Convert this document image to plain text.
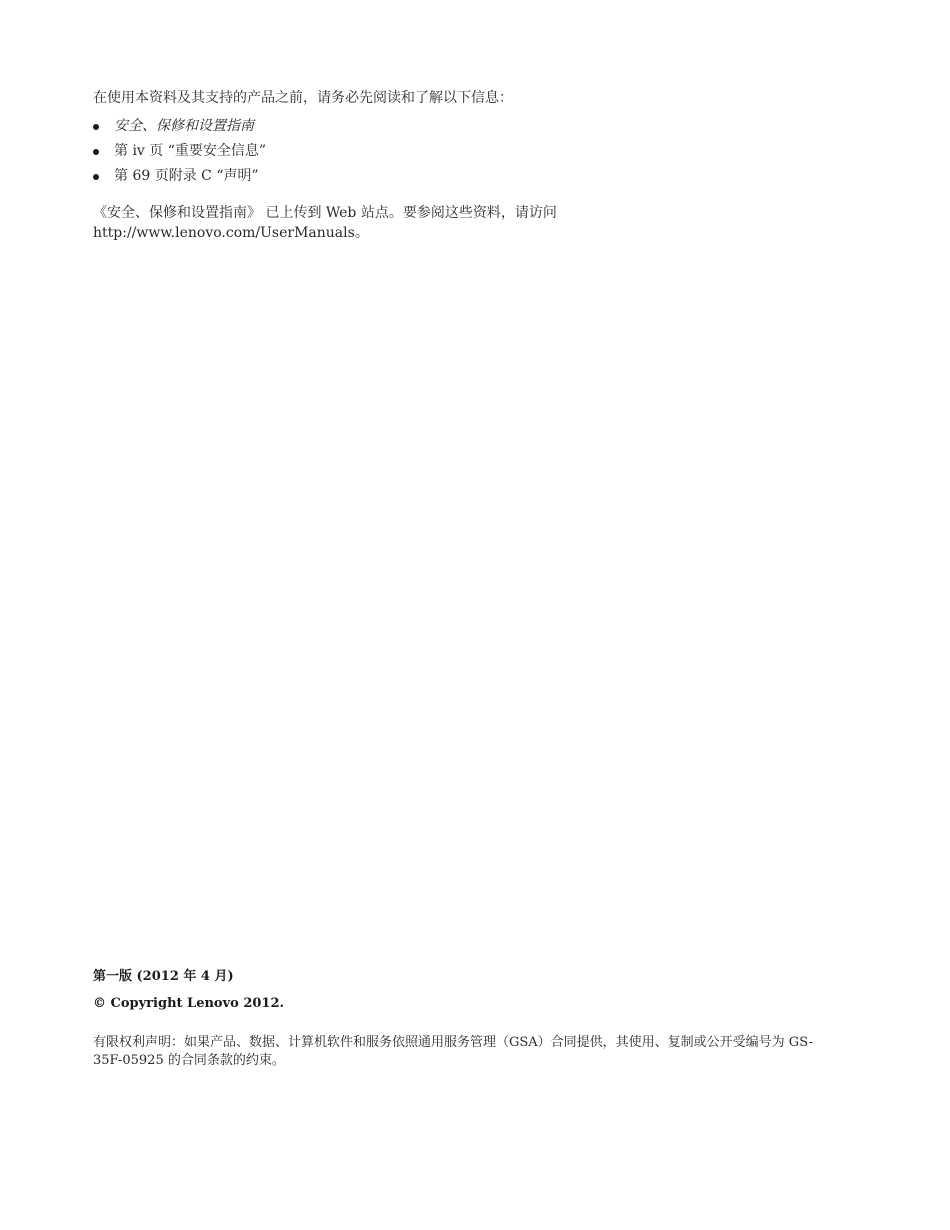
在使用本资料及其支持的产品之前，请务必先阅读和了解以下信息：

安全、保修和设置指南
第 iv 页 “重要安全信息”
第 69 页附录 C “声明”

《安全、保修和设置指南》 已上传到 Web 站点。要参阅这些资料，请访问 http://www.lenovo.com/UserManuals。

第一版 (2012 年 4 月)

© Copyright Lenovo 2012.

有限权利声明：如果产品、数据、计算机软件和服务依照通用服务管理（GSA）合同提供，其使用、复制或公开受编号为 GS-35F-05925 的合同条款的约束。
